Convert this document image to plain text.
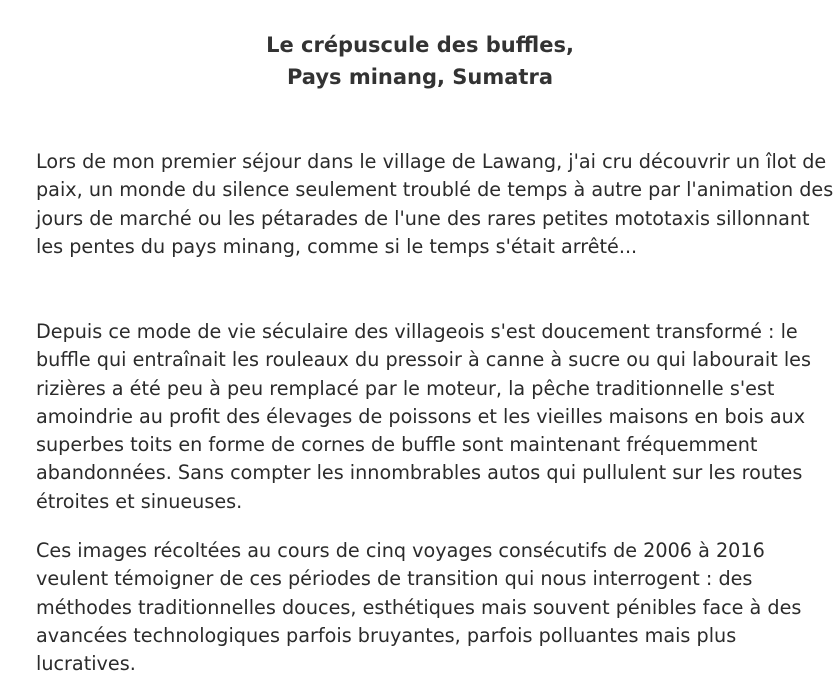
Le crépuscule des buffles,
Pays minang, Sumatra

Lors de mon premier séjour dans le village de Lawang, j'ai cru découvrir un îlot de paix, un monde du silence seulement troublé de temps à autre par l'animation des jours de marché ou les pétarades de l'une des rares petites mototaxis sillonnant les pentes du pays minang, comme si le temps s'était arrêté...

Depuis ce mode de vie séculaire des villageois s'est doucement transformé : le buffle qui entraînait les rouleaux du pressoir à canne à sucre ou qui labourait les rizières a été peu à peu remplacé par le moteur, la pêche traditionnelle s'est amoindrie au profit des élevages de poissons et les vieilles maisons en bois aux superbes toits en forme de cornes de buffle sont maintenant fréquemment abandonnées. Sans compter les innombrables autos qui pullulent sur les routes étroites et sinueuses.

Ces images récoltées au cours de cinq voyages consécutifs de 2006 à 2016 veulent témoigner de ces périodes de transition qui nous interrogent : des méthodes traditionnelles douces, esthétiques mais souvent pénibles face à des avancées technologiques parfois bruyantes, parfois polluantes mais plus lucratives.
